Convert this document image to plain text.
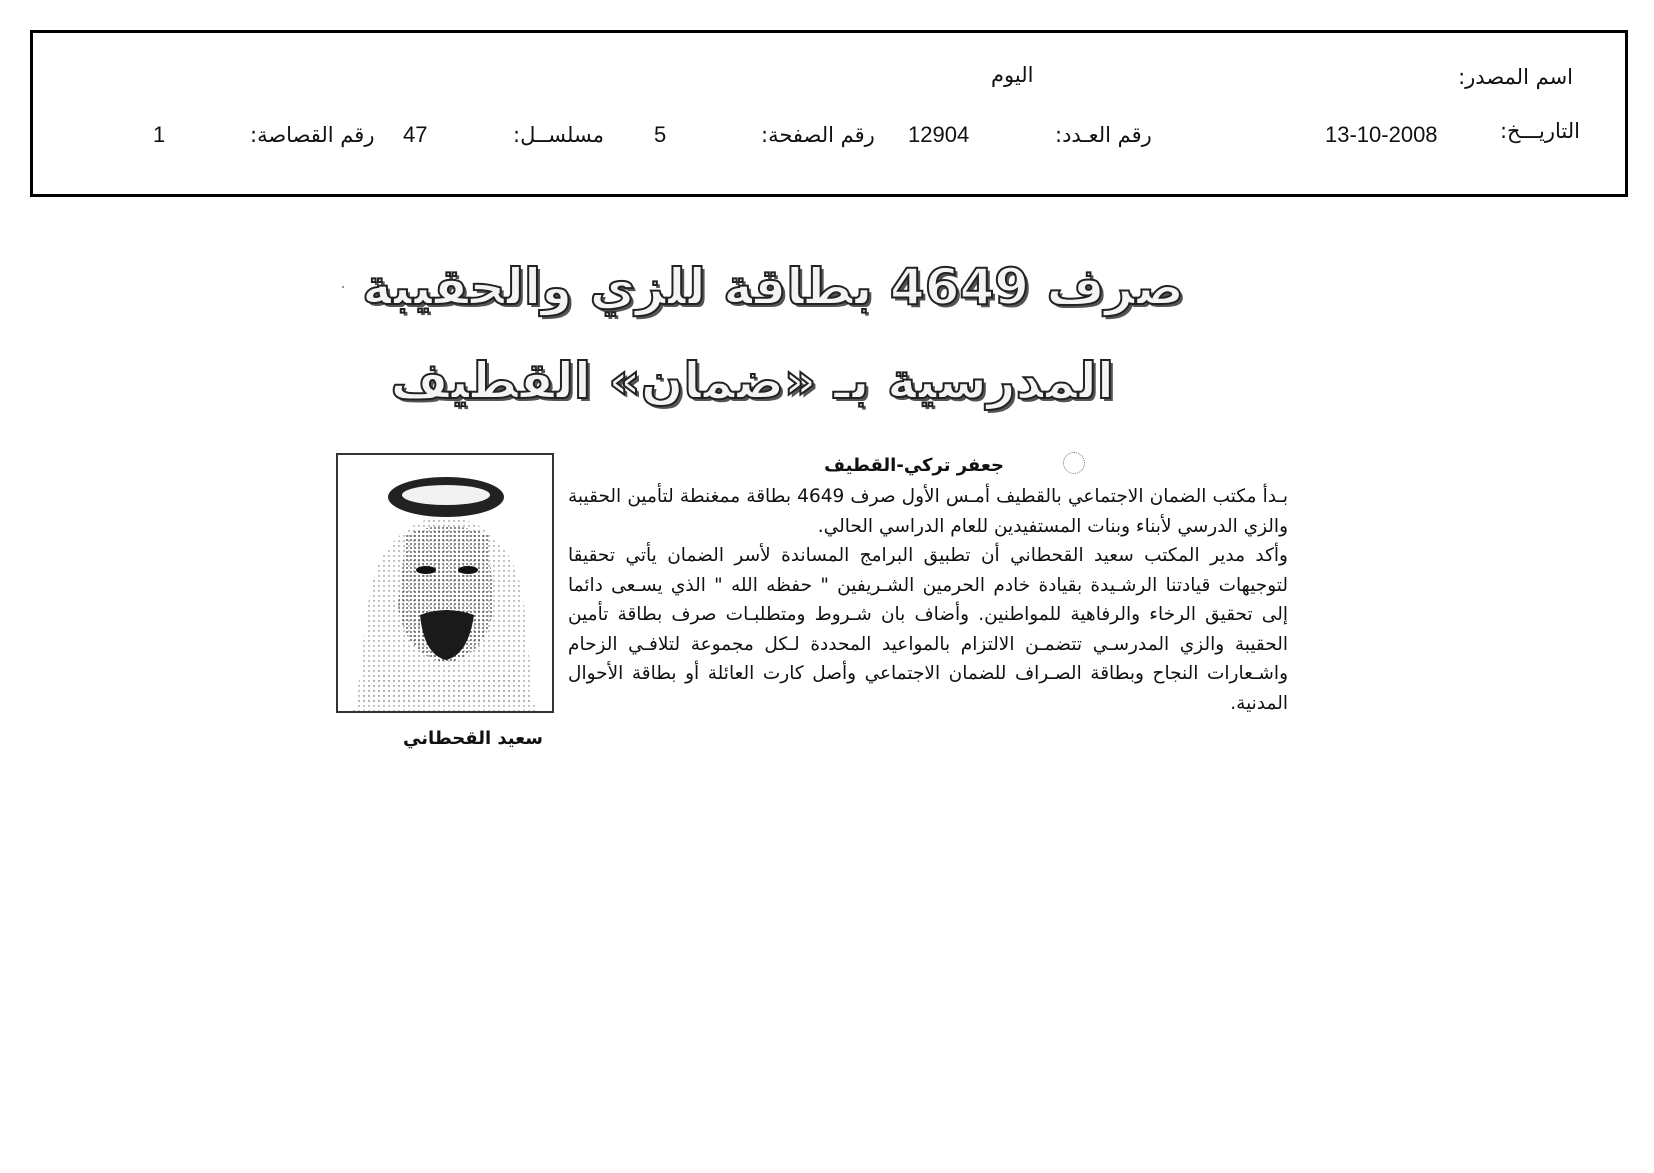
اسم المصدر:
اليوم
التاريـــخ:
13-10-2008
رقم العـدد:
12904
رقم الصفحة:
5
مسلســل:
47
رقم القصاصة:
1
صرف 4649 بطاقة للزي والحقيبة
المدرسية بـ «ضمان» القطيف
جعفر تركي-القطيف

بـدأ مكتب الضمان الاجتماعي بالقطيف أمـس الأول صرف 4649 بطاقة ممغنطة لتأمين الحقيبة والزي الدرسي لأبناء وبنات المستفيدين للعام الدراسي الحالي.

وأكد مدير المكتب سعيد القحطاني أن تطبيق البرامج المساندة لأسر الضمان يأتي تحقيقا لتوجيهات قيادتنا الرشـيدة بقيادة خادم الحرمين الشـريفين " حفظه الله " الذي يسـعى دائما إلى تحقيق الرخاء والرفاهية للمواطنين. وأضاف بان شـروط ومتطلبـات صرف بطاقة تأمين الحقيبة والزي المدرسـي تتضمـن الالتزام بالمواعيد المحددة لـكل مجموعة لتلافـي الزحام واشـعارات النجاح وبطاقة الصـراف للضمان الاجتماعي وأصل كارت العائلة أو بطاقة الأحوال المدنية.

سعيد القحطاني
